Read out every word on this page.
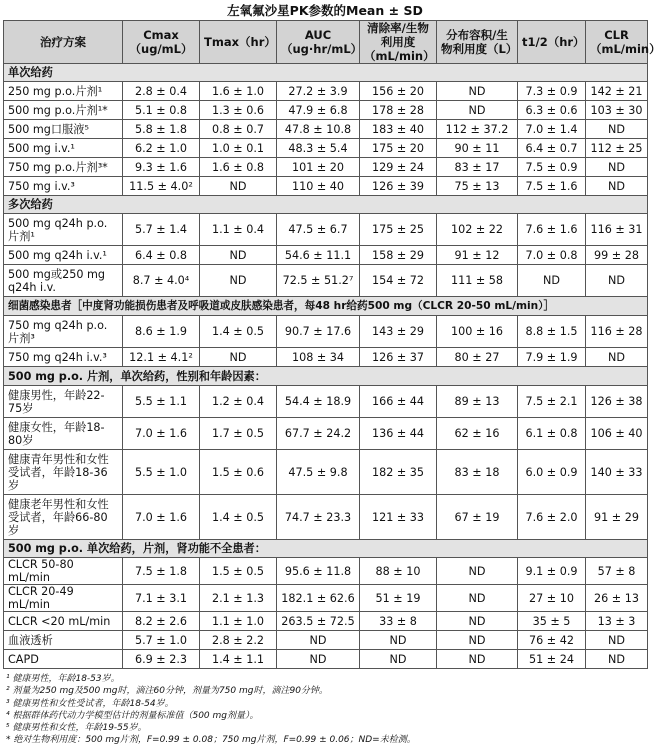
左氧氟沙星PK参数的Mean ± SD
治疗方案	Cmax（ug/mL）	Tmax（hr）	AUC（ug·hr/mL）	清除率/生物利用度（mL/min）	分布容积/生物利用度（L）	t1/2（hr）	CLR（mL/min）
单次给药							
250 mg p.o.片剂¹	2.8 ± 0.4	1.6 ± 1.0	27.2 ± 3.9	156 ± 20	ND	7.3 ± 0.9	142 ± 21
500 mg p.o.片剂¹*	5.1 ± 0.8	1.3 ± 0.6	47.9 ± 6.8	178 ± 28	ND	6.3 ± 0.6	103 ± 30
500 mg口服液⁵	5.8 ± 1.8	0.8 ± 0.7	47.8 ± 10.8	183 ± 40	112 ± 37.2	7.0 ± 1.4	ND
500 mg i.v.¹	6.2 ± 1.0	1.0 ± 0.1	48.3 ± 5.4	175 ± 20	90 ± 11	6.4 ± 0.7	112 ± 25
750 mg p.o.片剂³*	9.3 ± 1.6	1.6 ± 0.8	101 ± 20	129 ± 24	83 ± 17	7.5 ± 0.9	ND
750 mg i.v.³	11.5 ± 4.0²	ND	110 ± 40	126 ± 39	75 ± 13	7.5 ± 1.6	ND
多次给药							
500 mg q24h p.o.片剂¹	5.7 ± 1.4	1.1 ± 0.4	47.5 ± 6.7	175 ± 25	102 ± 22	7.6 ± 1.6	116 ± 31
500 mg q24h i.v.¹	6.4 ± 0.8	ND	54.6 ± 11.1	158 ± 29	91 ± 12	7.0 ± 0.8	99 ± 28
500 mg或250 mg q24h i.v.	8.7 ± 4.0⁴	ND	72.5 ± 51.2⁷	154 ± 72	111 ± 58	ND	ND
细菌感染患者［中度肾功能损伤患者及呼吸道或皮肤感染患者，每48 hr给药500 mg（CLCR 20-50 mL/min）］							
750 mg q24h p.o.片剂³	8.6 ± 1.9	1.4 ± 0.5	90.7 ± 17.6	143 ± 29	100 ± 16	8.8 ± 1.5	116 ± 28
750 mg q24h i.v.³	12.1 ± 4.1²	ND	108 ± 34	126 ± 37	80 ± 27	7.9 ± 1.9	ND
500 mg p.o. 片剂，单次给药，性别和年龄因素：							
健康男性，年龄22-75岁	5.5 ± 1.1	1.2 ± 0.4	54.4 ± 18.9	166 ± 44	89 ± 13	7.5 ± 2.1	126 ± 38
健康女性，年龄18-80岁	7.0 ± 1.6	1.7 ± 0.5	67.7 ± 24.2	136 ± 44	62 ± 16	6.1 ± 0.8	106 ± 40
健康青年男性和女性受试者，年龄18-36岁	5.5 ± 1.0	1.5 ± 0.6	47.5 ± 9.8	182 ± 35	83 ± 18	6.0 ± 0.9	140 ± 33
健康老年男性和女性受试者，年龄66-80岁	7.0 ± 1.6	1.4 ± 0.5	74.7 ± 23.3	121 ± 33	67 ± 19	7.6 ± 2.0	91 ± 29
500 mg p.o. 单次给药，片剂，肾功能不全患者：							
CLCR 50-80 mL/min	7.5 ± 1.8	1.5 ± 0.5	95.6 ± 11.8	88 ± 10	ND	9.1 ± 0.9	57 ± 8
CLCR 20-49 mL/min	7.1 ± 3.1	2.1 ± 1.3	182.1 ± 62.6	51 ± 19	ND	27 ± 10	26 ± 13
CLCR <20 mL/min	8.2 ± 2.6	1.1 ± 1.0	263.5 ± 72.5	33 ± 8	ND	35 ± 5	13 ± 3
血液透析	5.7 ± 1.0	2.8 ± 2.2	ND	ND	ND	76 ± 42	ND
CAPD	6.9 ± 2.3	1.4 ± 1.1	ND	ND	ND	51 ± 24	ND
¹ 健康男性，年龄18-53岁。
² 剂量为250 mg及500 mg时，滴注60分钟，剂量为750 mg时，滴注90分钟。
³ 健康男性和女性受试者，年龄18-54岁。
⁴ 根据群体药代动力学模型估计的剂量标准值（500 mg剂量）。
⁵ 健康男性和女性，年龄19-55岁。
* 绝对生物利用度：500 mg片剂，F=0.99 ± 0.08；750 mg片剂，F=0.99 ± 0.06；ND=未检测。
